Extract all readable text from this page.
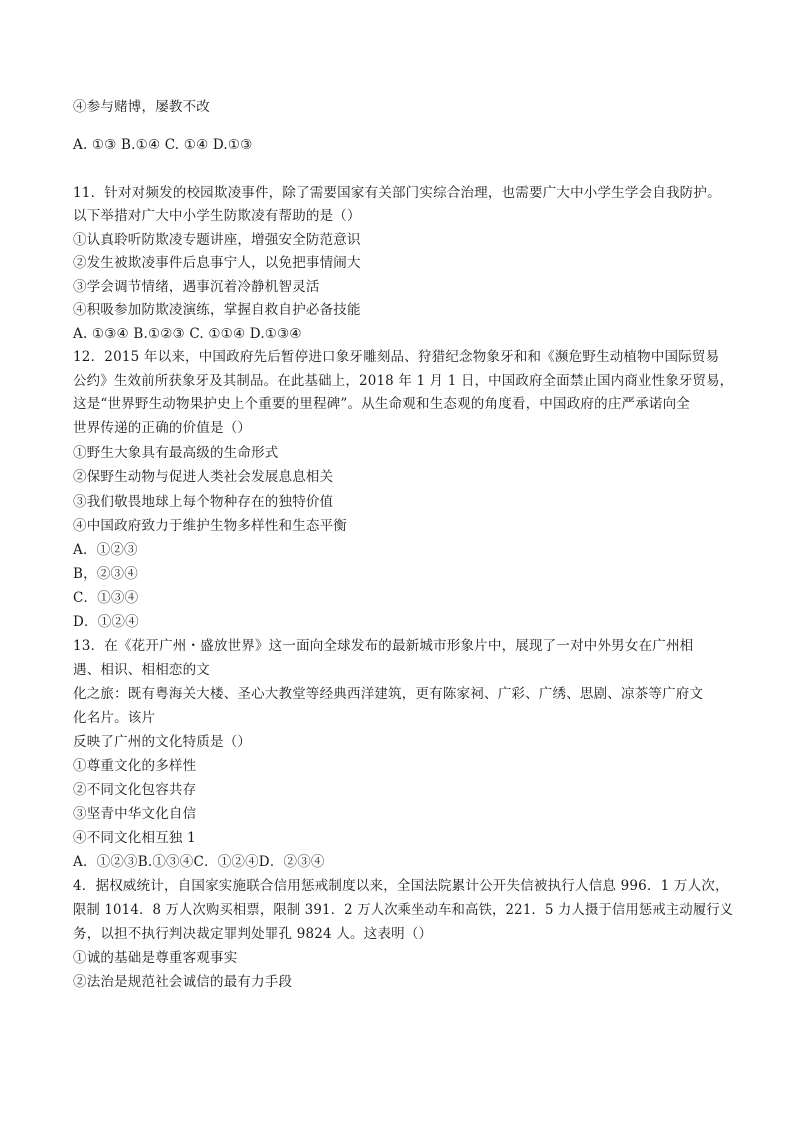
④参与赌博，屡教不改
A. ①③ B.①④ C. ①④ D.①③
11．针对对频发的校园欺凌事件，除了需要国家有关部门实综合治理，也需要广大中小学生学会自我防护。
以下举措对广大中小学生防欺凌有帮助的是（）
①认真聆听防欺凌专题讲座，增强安全防范意识
②发生被欺凌事件后息事宁人，以免把事情闹大
③学会调节情绪，遇事沉着冷静机智灵活
④积吸参加防欺凌演练，掌握自救自护必备技能
A. ①③④ B.①②③ C. ①①④ D.①③④
12．2015 年以来，中国政府先后暂停进口象牙雕刻品、狩猎纪念物象牙和和《濒危野生动植物中国际贸易
公约》生效前所获象牙及其制品。在此基础上，2018 年 1 月 1 日，中国政府全面禁止国内商业性象牙贸易，
这是“世界野生动物果护史上个重要的里程碑”。从生命观和生态观的角度看，中国政府的庄严承诺向全
世界传递的正确的价值是（）
①野生大象具有最高级的生命形式
②保野生动物与促进人类社会发展息息相关
③我们敬畏地球上每个物种存在的独特价值
④中国政府致力于维护生物多样性和生态平衡
A．①②③
B，②③④
C．①③④
D．①②④
13．在《花开广州・盛放世界》这一面向全球发布的最新城市形象片中，展现了一对中外男女在广州相
遇、相识、相相恋的文
化之旅：既有粤海关大楼、圣心大教堂等经典西洋建筑，更有陈家祠、广彩、广绣、思剧、凉茶等广府文
化名片。该片
反映了广州的文化特质是（）
①尊重文化的多样性
②不同文化包容共存
③坚青中华文化自信
④不同文化相互独 1
A．①②③B.①③④C．①②④D．②③④
4．据权威统计，自国家实施联合信用惩戒制度以来，全国法院累计公开失信被执行人信息 996．1 万人次，
限制 1014．8 万人次购买相票，限制 391．2 万人次乘坐动车和高铁，221．5 力人摄于信用惩戒主动履行义
务，以担不执行判决裁定罪判处罪孔 9824 人。这表明（）
①诚的基础是尊重客观事实
②法治是规范社会诚信的最有力手段
